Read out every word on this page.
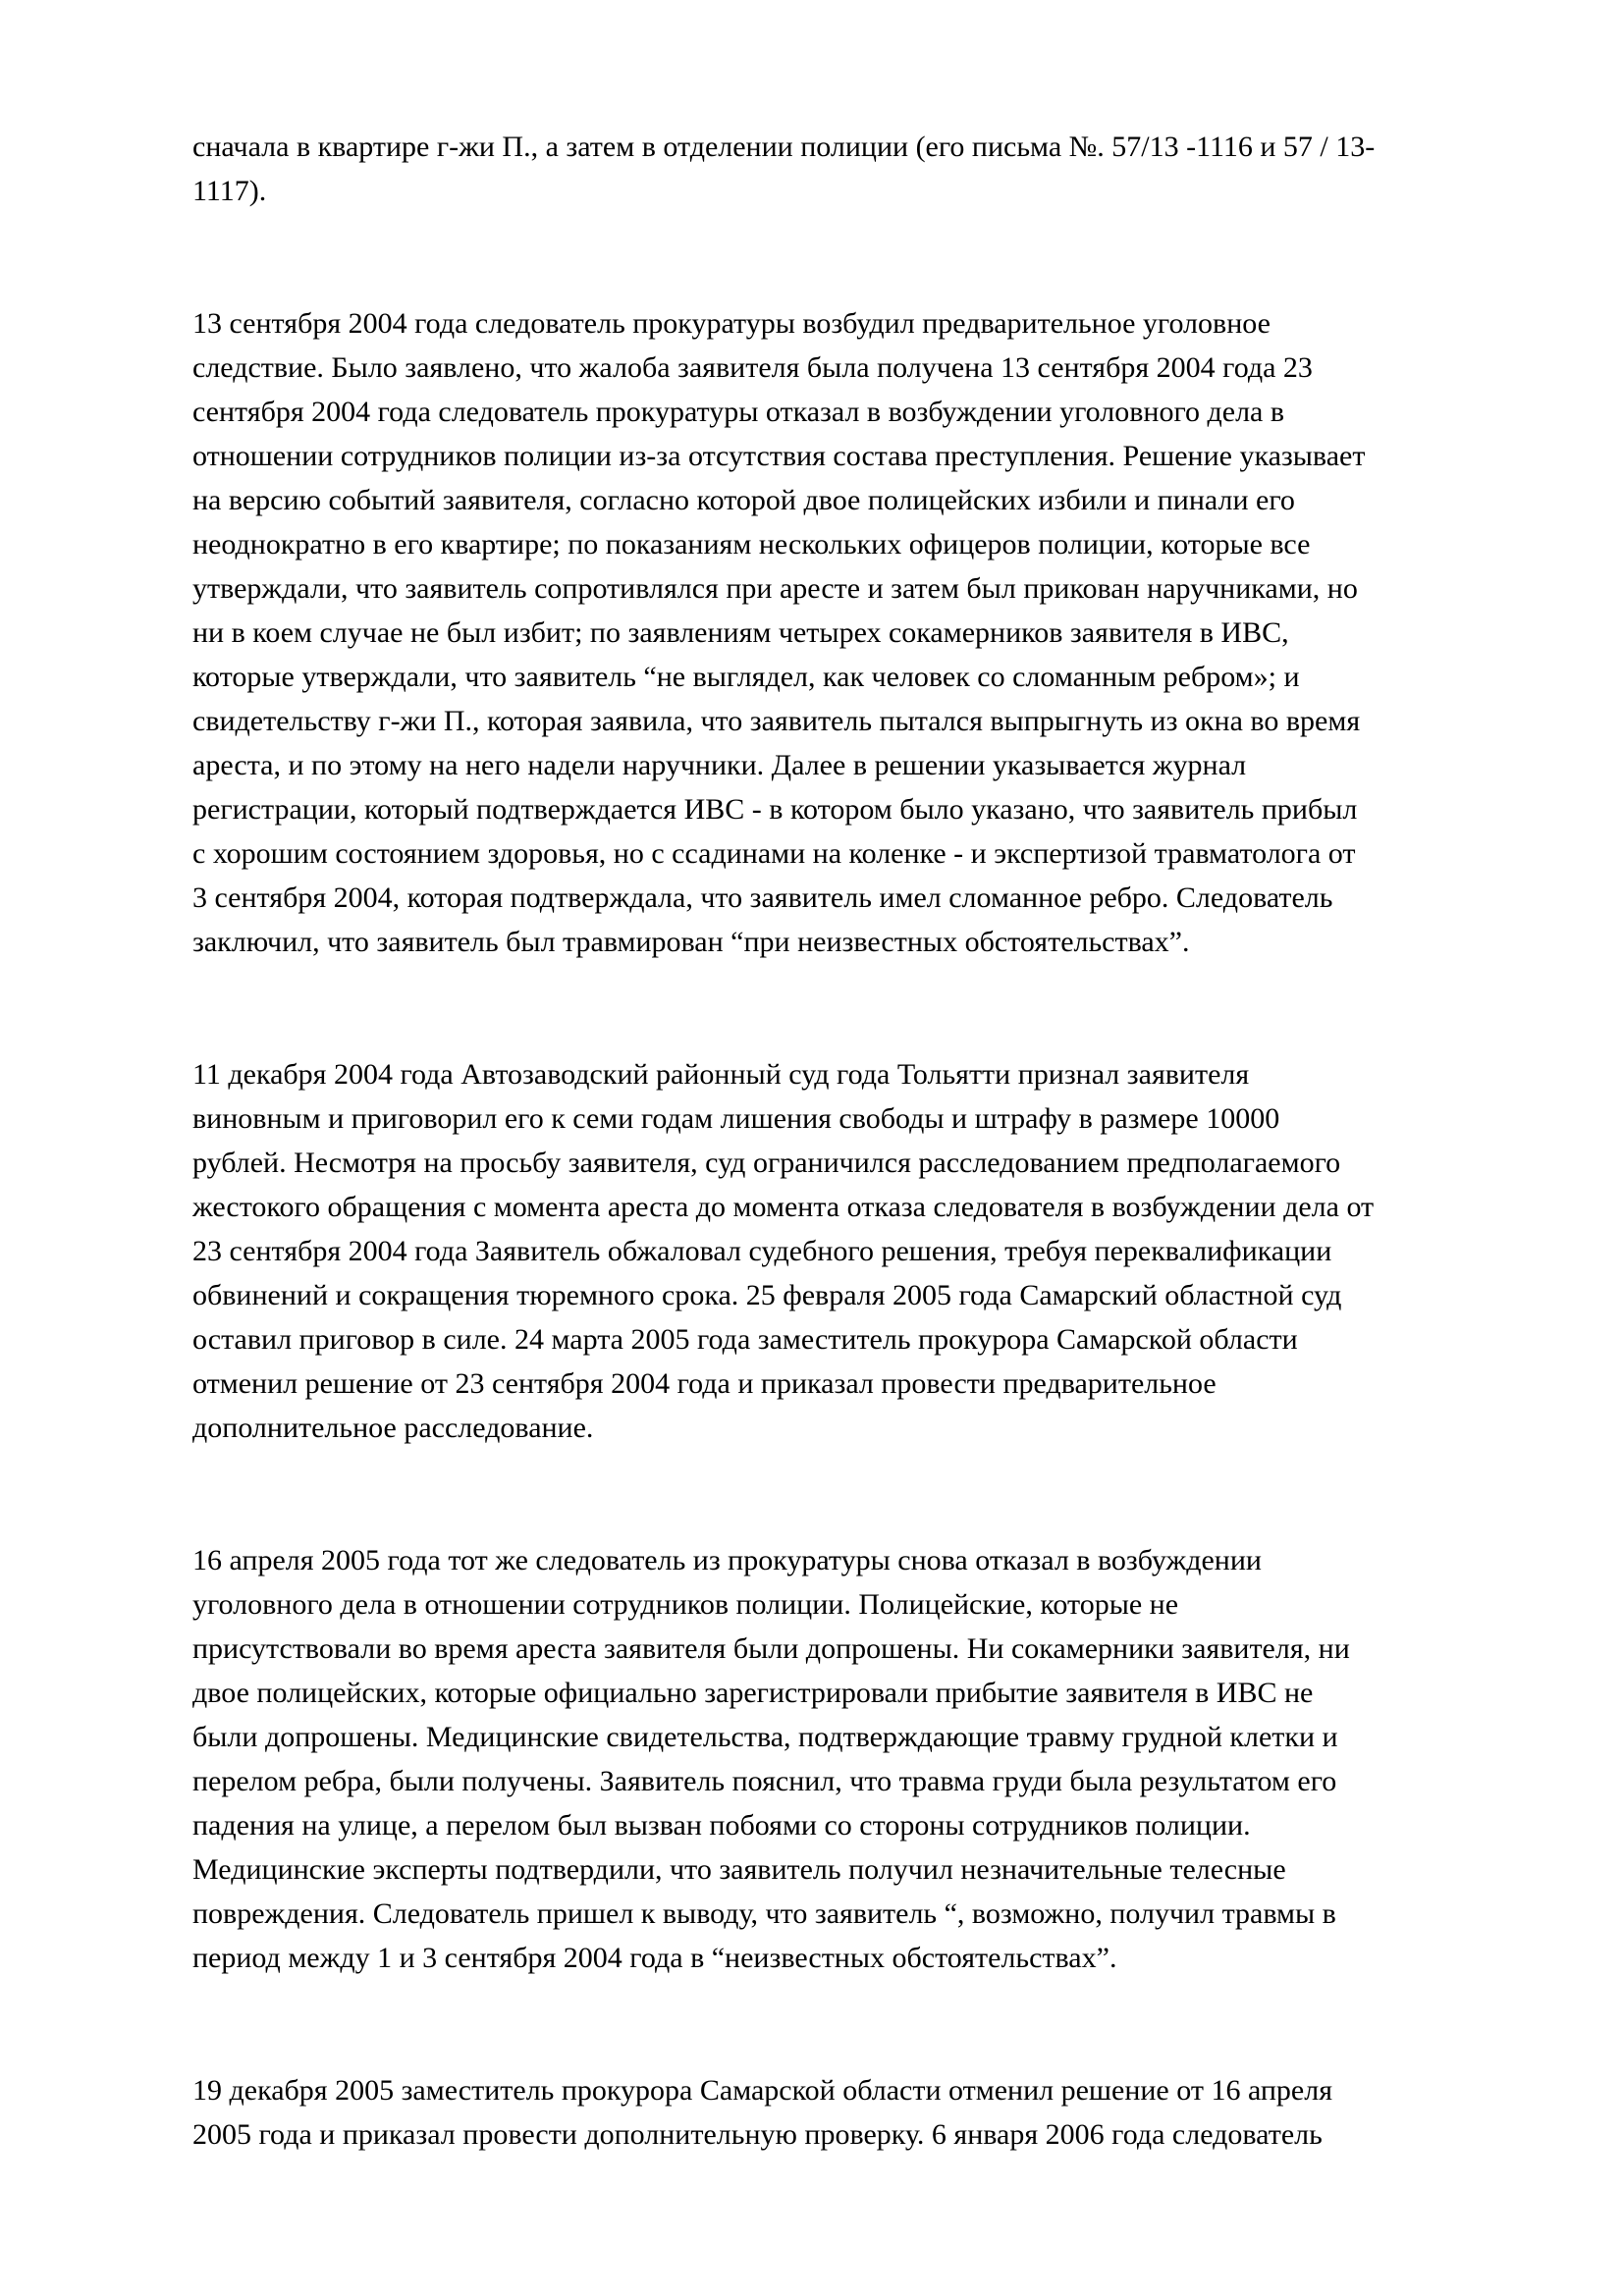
сначала в квартире г-жи П., а затем в отделении полиции (его письма №. 57/13 -1116 и 57 / 13-
1117).
13 сентября 2004 года следователь прокуратуры возбудил предварительное уголовное
следствие. Было заявлено, что жалоба заявителя была получена 13 сентября 2004 года 23
сентября 2004 года следователь прокуратуры отказал в возбуждении уголовного дела в
отношении сотрудников полиции из-за отсутствия состава преступления. Решение указывает
на версию событий заявителя, согласно которой двое полицейских избили и пинали его
неоднократно в его квартире; по показаниям нескольких офицеров полиции, которые все
утверждали, что заявитель сопротивлялся при аресте и затем был прикован наручниками, но
ни в коем случае не был избит; по заявлениям четырех сокамерников заявителя в ИВС,
которые утверждали, что заявитель “не выглядел, как человек со сломанным ребром»; и
свидетельству г-жи П., которая заявила, что заявитель пытался выпрыгнуть из окна во время
ареста, и по этому на него надели наручники. Далее в решении указывается журнал
регистрации, который подтверждается ИВС - в котором было указано, что заявитель прибыл
с хорошим состоянием здоровья, но с ссадинами на коленке - и экспертизой травматолога от
3 сентября 2004, которая подтверждала, что заявитель имел сломанное ребро. Следователь
заключил, что заявитель был травмирован “при неизвестных обстоятельствах”.
11 декабря 2004 года Автозаводский районный суд года Тольятти признал заявителя
виновным и приговорил его к семи годам лишения свободы и штрафу в размере 10000
рублей. Несмотря на просьбу заявителя, суд ограничился расследованием предполагаемого
жестокого обращения с момента ареста до момента отказа следователя в возбуждении дела от
23 сентября 2004 года Заявитель обжаловал судебного решения, требуя переквалификации
обвинений и сокращения тюремного срока. 25 февраля 2005 года Самарский областной суд
оставил приговор в силе. 24 марта 2005 года заместитель прокурора Самарской области
отменил решение от 23 сентября 2004 года и приказал провести предварительное
дополнительное расследование.
16 апреля 2005 года тот же следователь из прокуратуры снова отказал в возбуждении
уголовного дела в отношении сотрудников полиции. Полицейские, которые не
присутствовали во время ареста заявителя были допрошены. Ни сокамерники заявителя, ни
двое полицейских, которые официально зарегистрировали прибытие заявителя в ИВС не
были допрошены. Медицинские свидетельства, подтверждающие травму грудной клетки и
перелом ребра, были получены. Заявитель пояснил, что травма груди была результатом его
падения на улице, а перелом был вызван побоями со стороны сотрудников полиции.
Медицинские эксперты подтвердили, что заявитель получил незначительные телесные
повреждения. Следователь пришел к выводу, что заявитель “, возможно, получил травмы в
период между 1 и 3 сентября 2004 года в “неизвестных обстоятельствах”.
19 декабря 2005 заместитель прокурора Самарской области отменил решение от 16 апреля
2005 года и приказал провести дополнительную проверку. 6 января 2006 года следователь
